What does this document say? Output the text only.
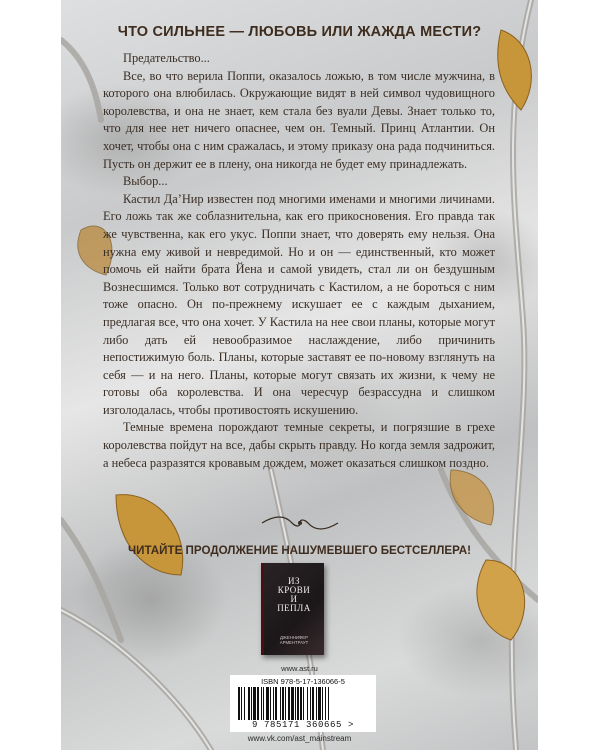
ЧТО СИЛЬНЕЕ — ЛЮБОВЬ ИЛИ ЖАЖДА МЕСТИ?

Предательство...

Все, во что верила Поппи, оказалось ложью, в том числе мужчина, в которого она влюбилась. Окружающие видят в ней символ чудовищного королевства, и она не знает, кем стала без вуали Девы. Знает только то, что для нее нет ничего опаснее, чем он. Темный. Принц Атлантии. Он хочет, чтобы она с ним сражалась, и этому приказу она рада подчиниться. Пусть он держит ее в плену, она никогда не будет ему принадлежать.

Выбор...

Кастил Да’Нир известен под многими именами и многими личинами. Его ложь так же соблазнительна, как его прикосновения. Его правда так же чувственна, как его укус. Поппи знает, что доверять ему нельзя. Она нужна ему живой и невредимой. Но и он — единственный, кто может помочь ей найти брата Йена и самой увидеть, стал ли он бездушным Вознесшимся. Только вот сотрудничать с Кастилом, а не бороться с ним тоже опасно. Он по-прежнему искушает ее с каждым дыханием, предлагая все, что она хочет. У Кастила на нее свои планы, которые могут либо дать ей невообразимое наслаждение, либо причинить непостижимую боль. Планы, которые заставят ее по-новому взглянуть на себя — и на него. Планы, которые могут связать их жизни, к чему не готовы оба королевства. И она чересчур безрассудна и слишком изголодалась, чтобы противостоять искушению.

Темные времена порождают темные секреты, и погрязшие в грехе королевства пойдут на все, дабы скрыть правду. Но когда земля задрожит, а небеса разразятся кровавым дождем, может оказаться слишком поздно.

ЧИТАЙТЕ ПРОДОЛЖЕНИЕ НАШУМЕВШЕГО БЕСТСЕЛЛЕРА!
ИЗ
КРОВИ
И
ПЕПЛА
ДЖЕННИФЕР АРМЕНТРАУТ
www.ast.ru
ISBN 978-5-17-136066-5
9 785171 360665 >
www.vk.com/ast_mainstream
